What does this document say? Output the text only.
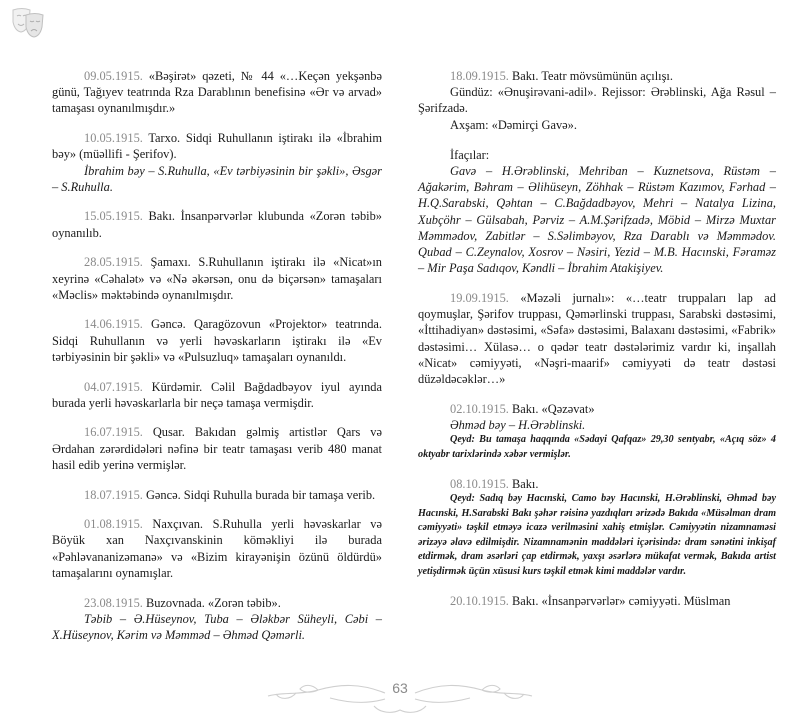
09.05.1915. «Bəşirət» qəzeti, № 44 «…Keçən yekşənbə günü, Tağıyev teatrında Rza Darablının benefisinə «Ər və arvad» tamaşası oynanılmışdır.»

10.05.1915. Tarxo. Sidqi Ruhullanın iştirakı ilə «İbrahim bəy» (müəllifi - Şerifov).

İbrahim bəy – S.Ruhulla, «Ev tərbiyəsinin bir şəkli», Əsgər – S.Ruhulla.

15.05.1915. Bakı. İnsanpərvərlər klubunda «Zorən təbib» oynanılıb.

28.05.1915. Şamaxı. S.Ruhullanın iştirakı ilə «Nicat»ın xeyrinə «Cəhalət» və «Nə əkərsən, onu də biçərsən» tamaşaları «Məclis» məktəbində oynanılmışdır.

14.06.1915. Gəncə. Qaragözovun «Projektor» teatrında. Sidqi Ruhullanın və yerli həvəskarların iştirakı ilə «Ev tərbiyəsinin bir şəkli» və «Pulsuzluq» tamaşaları oynanıldı.

04.07.1915. Kürdəmir. Cəlil Bağdadbəyov iyul ayında burada yerli həvəskarlarla bir neçə tamaşa vermişdir.

16.07.1915. Qusar. Bakıdan gəlmiş artistlər Qars və Ərdahan zərərdidələri nəfinə bir teatr tamaşası verib 480 manat hasil edib yerinə vermişlər.

18.07.1915. Gəncə. Sidqi Ruhulla burada bir tamaşa verib.

01.08.1915. Naxçıvan. S.Ruhulla yerli həvəskarlar və Böyük xan Naxçıvanskinin köməkliyi ilə burada «Pəhləvananizəmanə» və «Bizim kirayənişin özünü öldürdü» tamaşalarını oynamışlar.

23.08.1915. Buzovnada. «Zorən təbib».

Təbib – Ə.Hüseynov, Tuba – Ələkbər Süheyli, Cəbi – X.Hüseynov, Kərim və Məmməd – Əhməd Qəmərli.

18.09.1915. Bakı. Teatr mövsümünün açılışı.

Gündüz: «Ənuşirəvani-adil». Rejissor: Ərəblinski, Ağa Rəsul – Şərifzadə.

Axşam: «Dəmirçi Gavə».

İfaçılar:

Gavə – H.Ərəblinski, Mehriban – Kuznetsova, Rüstəm – Ağakərim, Bəhram – Əlihüseyn, Zöhhak – Rüstəm Kazımov, Fərhad – H.Q.Sarabski, Qəhtan – C.Bağdadbəyov, Mehri – Natalya Lizina, Xubçöhr – Gülsabah, Pərviz – A.M.Şərifzadə, Möbid – Mirzə Muxtar Məmmədov, Zabitlər – S.Səlimbəyov, Rza Darablı və Məmmədov. Qubad – C.Zeynalov, Xosrov – Nəsiri, Yezid – M.B. Hacınski, Fəraməz – Mir Paşa Sadıqov, Kəndli – İbrahim Atakişiyev.

19.09.1915. «Məzəli jurnalı»: «…teatr truppaları lap ad qoymuşlar, Şərifov truppası, Qəmərlinski truppası, Sarabski dəstəsimi, «İttihadiyan» dəstəsimi, «Səfa» dəstəsimi, Balaxanı dəstəsimi, «Fabrik» dəstəsimi… Xülasə… o qədər teatr dəstələrimiz vardır ki, inşallah «Nicat» cəmiyyəti, «Nəşri-maarif» cəmiyyəti də teatr dəstəsi düzəldəcəklər…»

02.10.1915. Bakı. «Qəzəvat»

Əhməd bəy – H.Ərəblinski.

Qeyd: Bu tamaşa haqqında «Sədayi Qafqaz» 29,30 sentyabr, «Açıq söz» 4 oktyabr tarixlərində xəbər vermişlər.

08.10.1915. Bakı.

Qeyd: Sadıq bəy Hacınski, Camo bəy Hacınski, H.Ərəblinski, Əhməd bəy Hacınski, H.Sarabski Bakı şəhər rəisinə yazdıqları ərizədə Bakıda «Müsəlman dram cəmiyyəti» təşkil etməyə icazə verilməsini xahiş etmişlər. Cəmiyyətin nizamnaməsi ərizəyə əlavə edilmişdir. Nizamnamənin maddələri içərisində: dram sənətini inkişaf etdirmək, dram əsərləri çap etdirmək, yaxşı əsərlərə mükafat vermək, Bakıda artist yetişdirmək üçün xüsusi kurs təşkil etmək kimi maddələr vardır.

20.10.1915. Bakı. «İnsanpərvərlər» cəmiyyəti. Müslman

63
